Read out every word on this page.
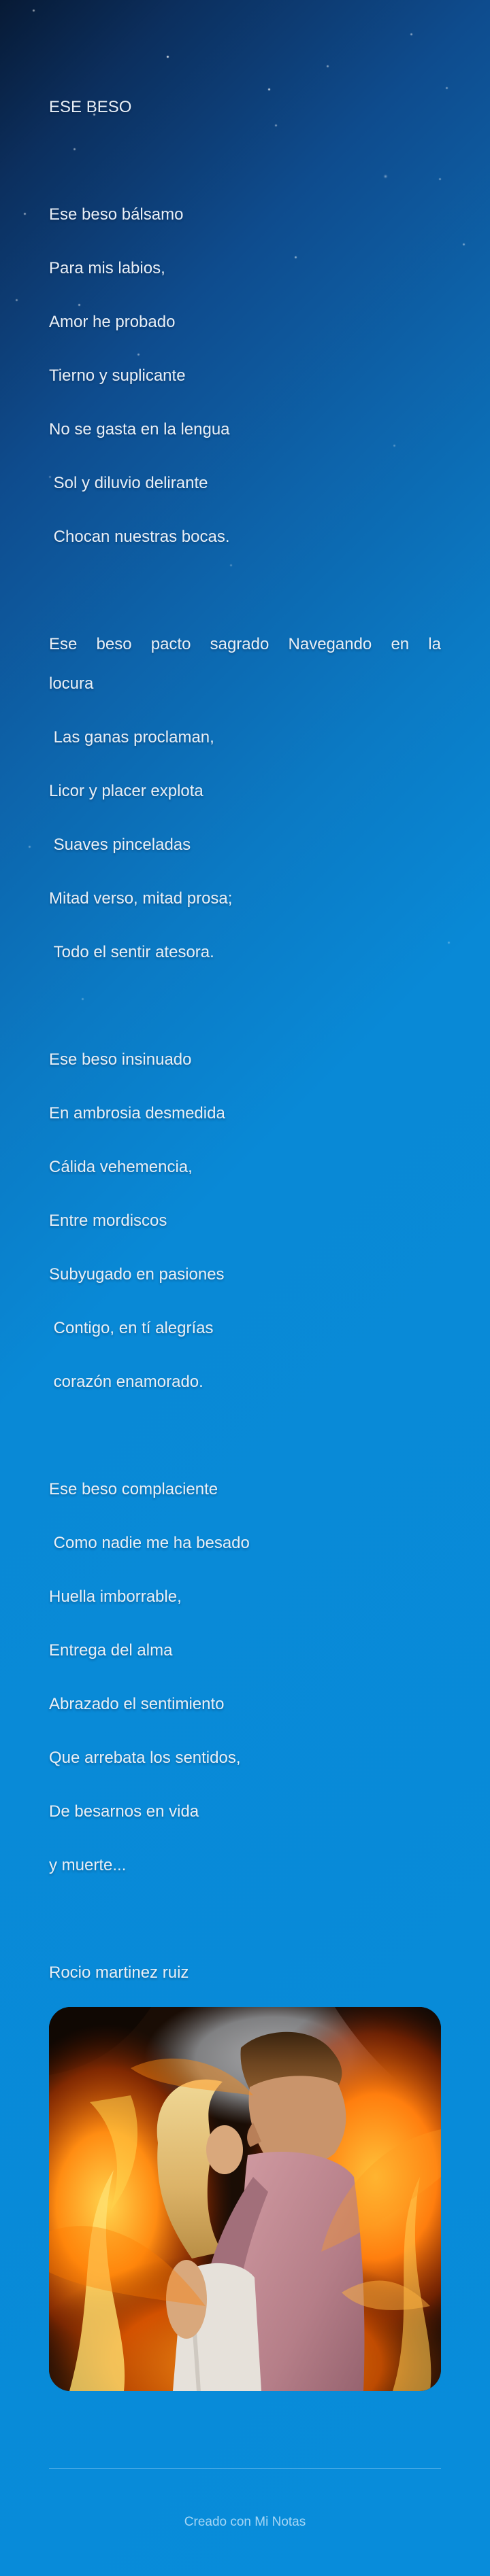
ESE BESO

Ese beso bálsamo

Para mis labios,

Amor he probado

Tierno y suplicante

No se gasta en la lengua

Sol y diluvio delirante

Chocan nuestras bocas.

Ese beso pacto sagrado Navegando en la

locura

Las ganas proclaman,

Licor y placer explota

Suaves pinceladas

Mitad verso, mitad prosa;

Todo el sentir atesora.

Ese beso insinuado

En ambrosia desmedida

Cálida vehemencia,

Entre mordiscos

Subyugado en pasiones

Contigo, en tí alegrías

corazón enamorado.

Ese beso complaciente

Como nadie me ha besado

Huella imborrable,

Entrega del alma

Abrazado el sentimiento

Que arrebata los sentidos,

De besarnos en vida

y muerte...

Rocio martinez ruiz

Creado con Mi Notas
